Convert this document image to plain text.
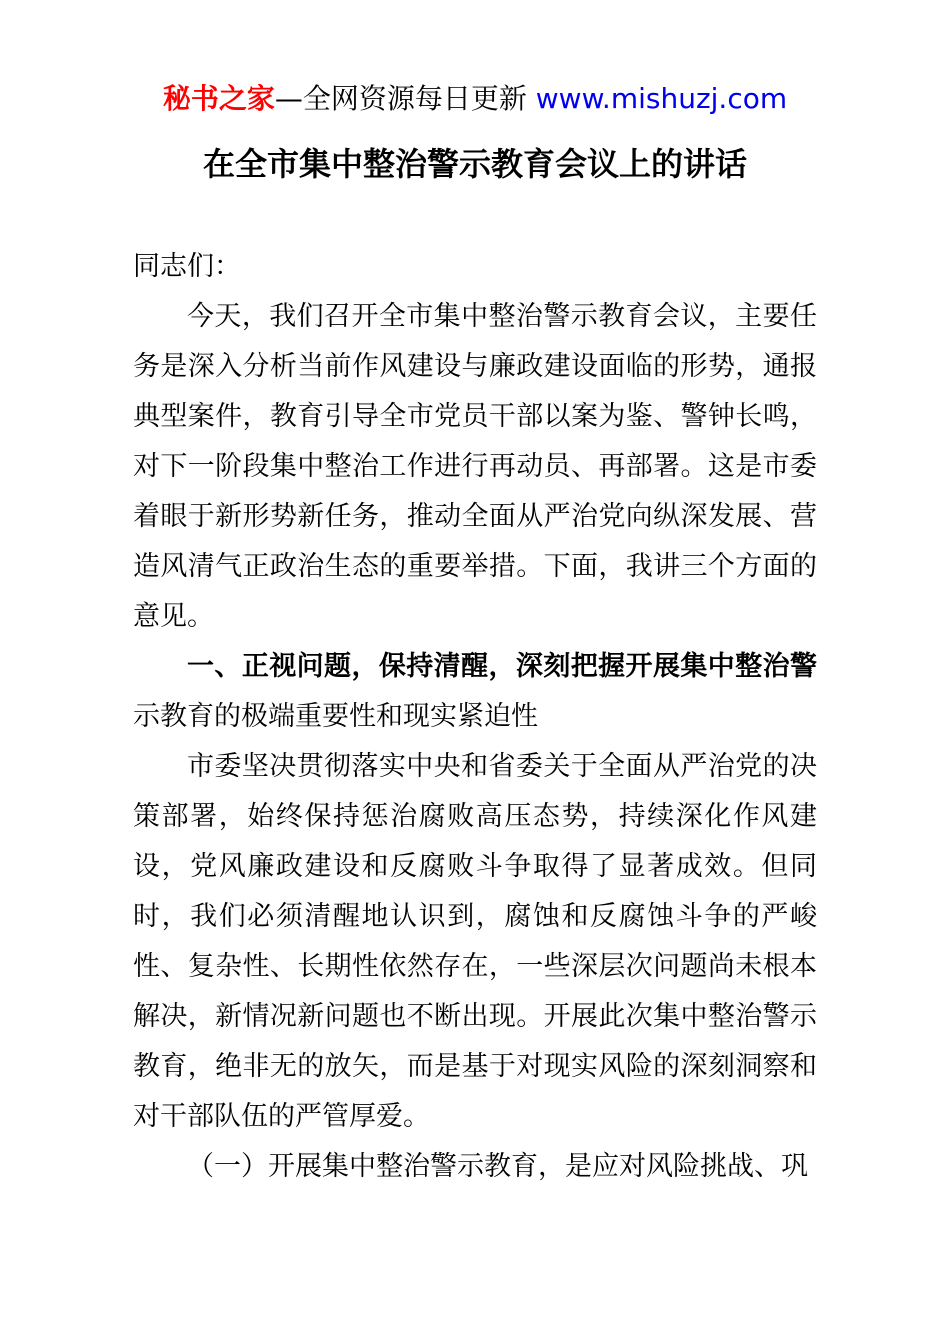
秘书之家—全网资源每日更新 www.mishuzj.com
在全市集中整治警示教育会议上的讲话

同志们：

今天，我们召开全市集中整治警示教育会议，主要任务是深入分析当前作风建设与廉政建设面临的形势，通报典型案件，教育引导全市党员干部以案为鉴、警钟长鸣，对下一阶段集中整治工作进行再动员、再部署。这是市委着眼于新形势新任务，推动全面从严治党向纵深发展、营造风清气正政治生态的重要举措。下面，我讲三个方面的意见。

一、正视问题，保持清醒，深刻把握开展集中整治警示教育的极端重要性和现实紧迫性

市委坚决贯彻落实中央和省委关于全面从严治党的决策部署，始终保持惩治腐败高压态势，持续深化作风建设，党风廉政建设和反腐败斗争取得了显著成效。但同时，我们必须清醒地认识到，腐蚀和反腐蚀斗争的严峻性、复杂性、长期性依然存在，一些深层次问题尚未根本解决，新情况新问题也不断出现。开展此次集中整治警示教育，绝非无的放矢，而是基于对现实风险的深刻洞察和对干部队伍的严管厚爱。

（一）开展集中整治警示教育，是应对风险挑战、巩
